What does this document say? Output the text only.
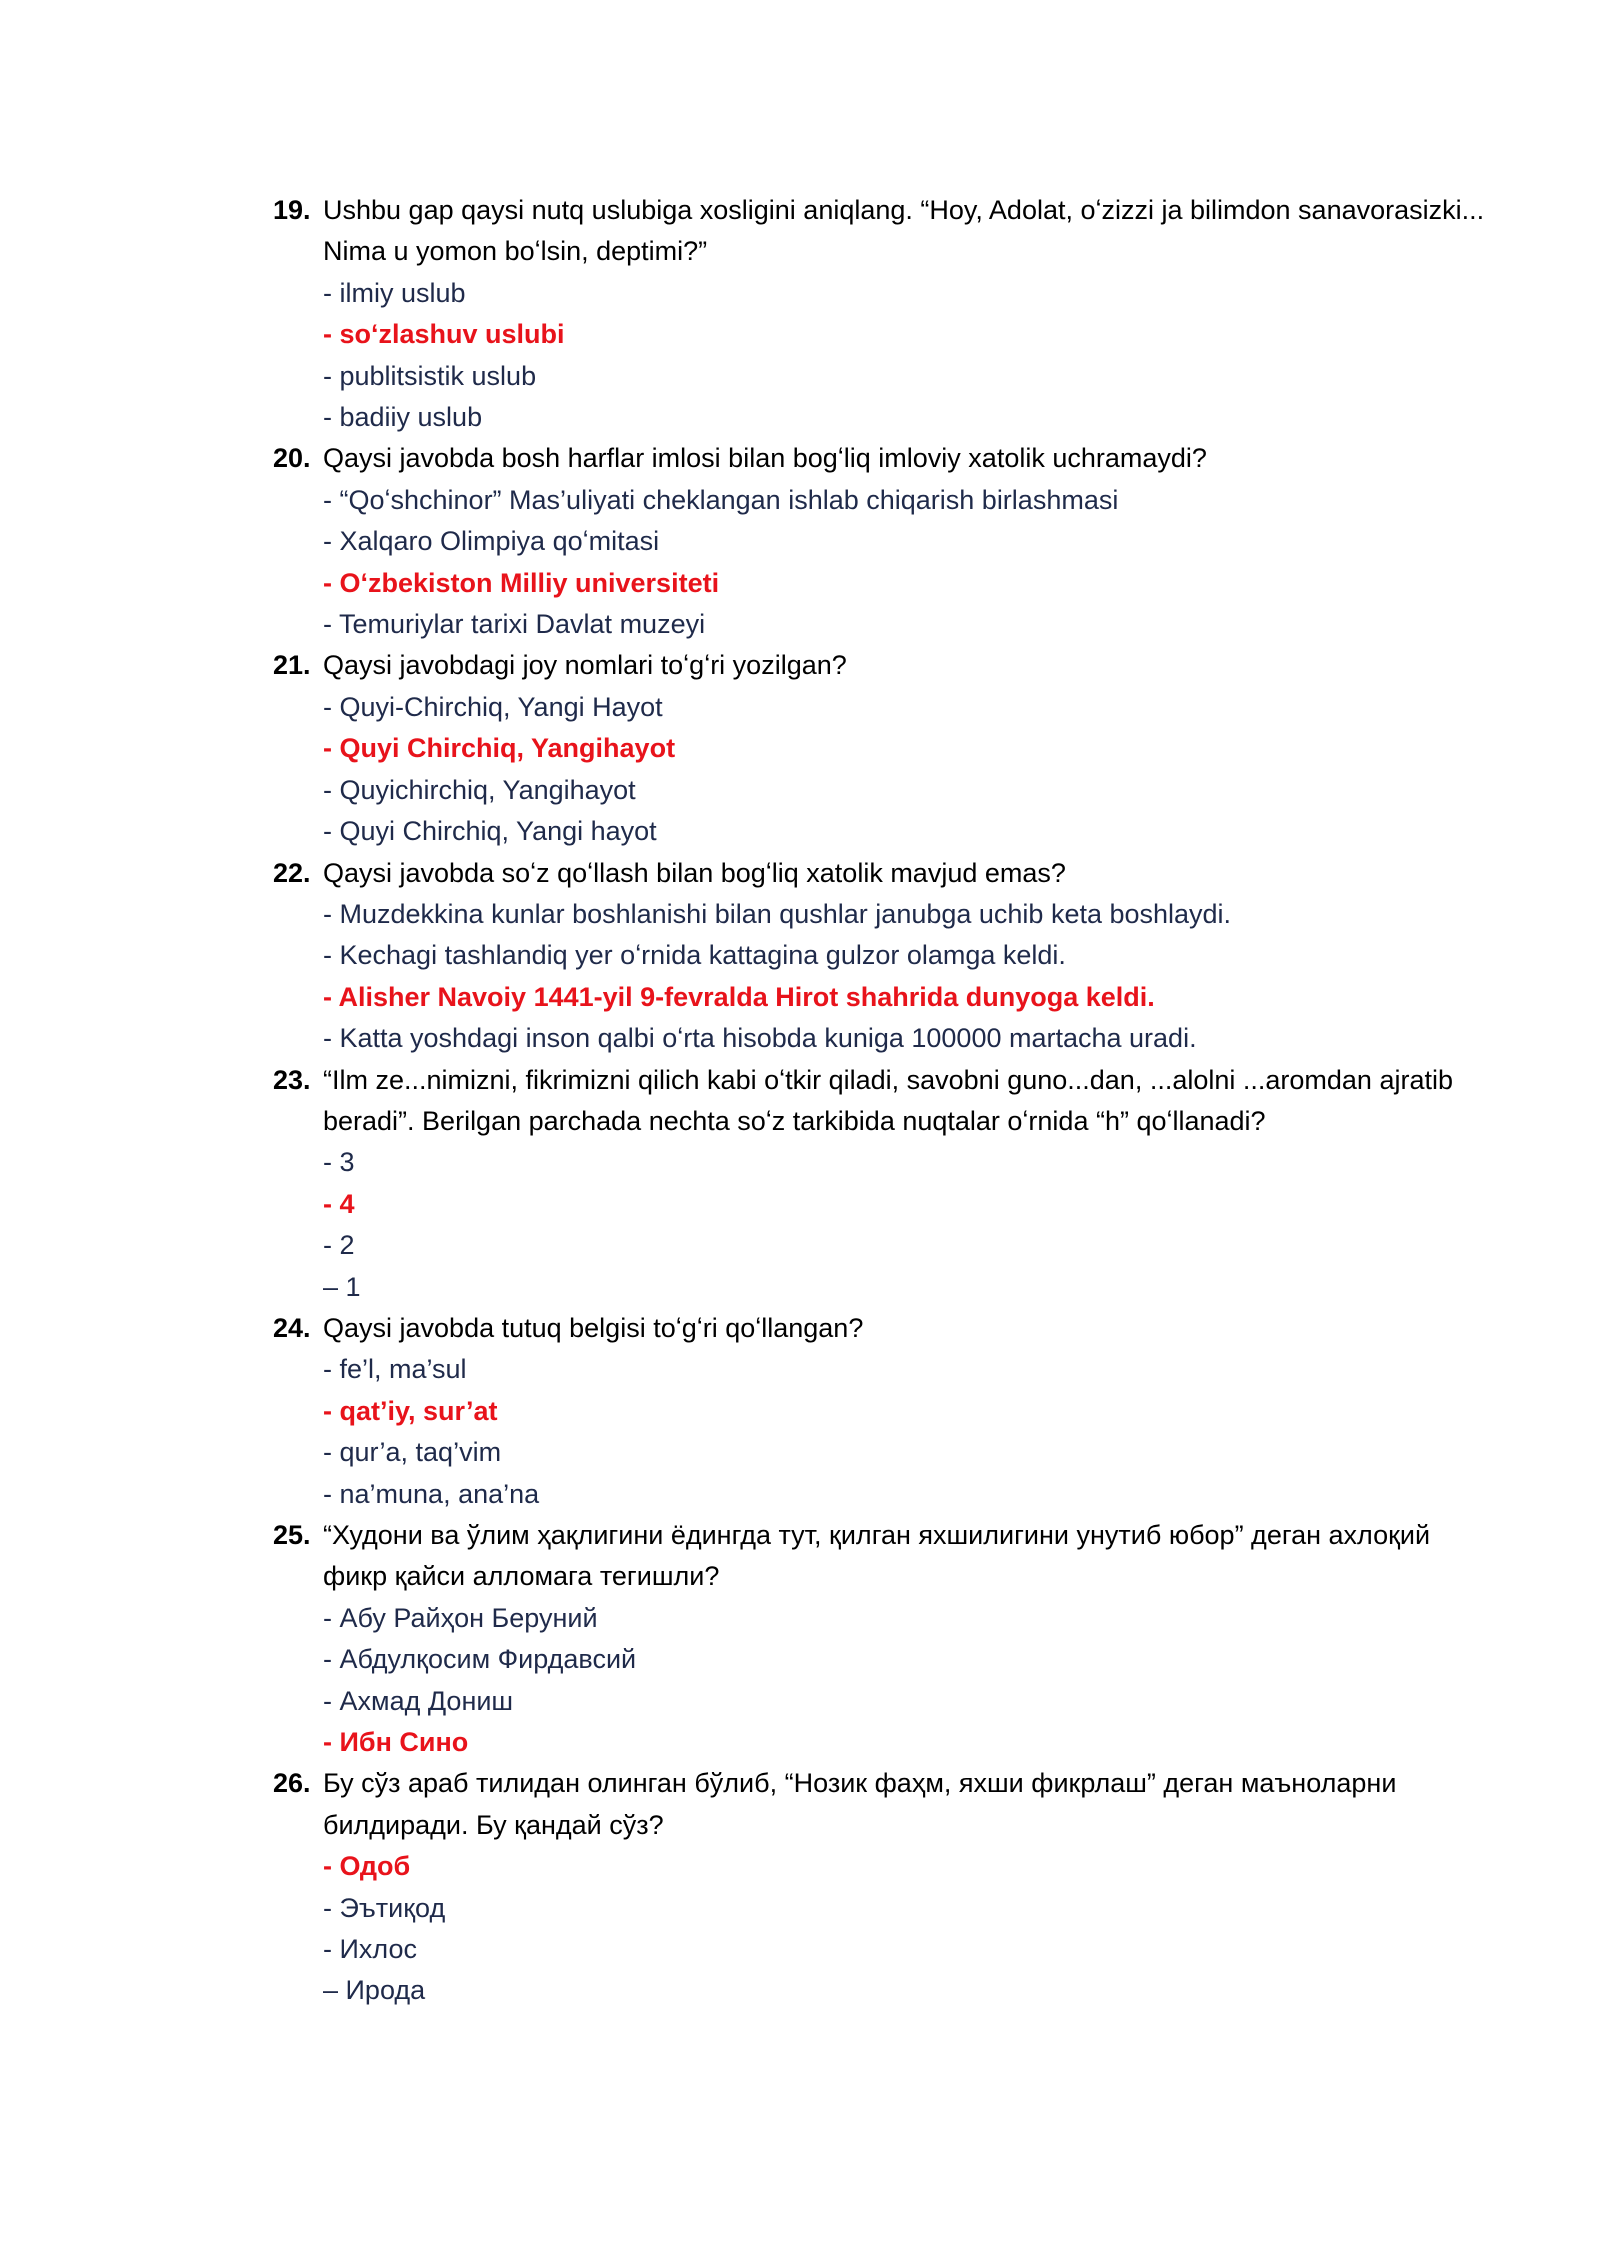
19. Ushbu gap qaysi nutq uslubiga xosligini aniqlang. “Hoy, Adolat, oʻzizzi ja bilimdon sanavorasizki... Nima u yomon boʻlsin, deptimi?”
- ilmiy uslub
- soʻzlashuv uslubi
- publitsistik uslub
- badiiy uslub
20. Qaysi javobda bosh harflar imlosi bilan bogʻliq imloviy xatolik uchramaydi?
- “Qoʻshchinor” Mas’uliyati cheklangan ishlab chiqarish birlashmasi
- Xalqaro Olimpiya qoʻmitasi
- Oʻzbekiston Milliy universiteti
- Temuriylar tarixi Davlat muzeyi
21. Qaysi javobdagi joy nomlari toʻgʻri yozilgan?
- Quyi-Chirchiq, Yangi Hayot
- Quyi Chirchiq, Yangihayot
- Quyichirchiq, Yangihayot
- Quyi Chirchiq, Yangi hayot
22. Qaysi javobda soʻz qoʻllash bilan bogʻliq xatolik mavjud emas?
- Muzdekkina kunlar boshlanishi bilan qushlar janubga uchib keta boshlaydi.
- Kechagi tashlandiq yer oʻrnida kattagina gulzor olamga keldi.
- Alisher Navoiy 1441-yil 9-fevralda Hirot shahrida dunyoga keldi.
- Katta yoshdagi inson qalbi oʻrta hisobda kuniga 100000 martacha uradi.
23. “Ilm ze...nimizni, fikrimizni qilich kabi oʻtkir qiladi, savobni guno...dan, ...alolni ...aromdan ajratib beradi”. Berilgan parchada nechta soʻz tarkibida nuqtalar oʻrnida “h” qoʻllanadi?
- 3
- 4
- 2
– 1
24. Qaysi javobda tutuq belgisi toʻgʻri qoʻllangan?
- fe’l, ma’sul
- qat’iy, sur’at
- qur’a, taq’vim
- na’muna, ana’na
25. “Худони ва ўлим ҳақлигини ёдингда тут, қилган яхшилигини унутиб юбор” деган ахлоқий фикр қайси алломага тегишли?
- Абу Райҳон Беруний
- Абдулқосим Фирдавсий
- Ахмад Дониш
- Ибн Сино
26. Бу сўз араб тилидан олинган бўлиб, “Нозик фаҳм, яхши фикрлаш” деган маъноларни билдиради. Бу қандай сўз?
- Одоб
- Эътиқод
- Ихлос
– Ирода
